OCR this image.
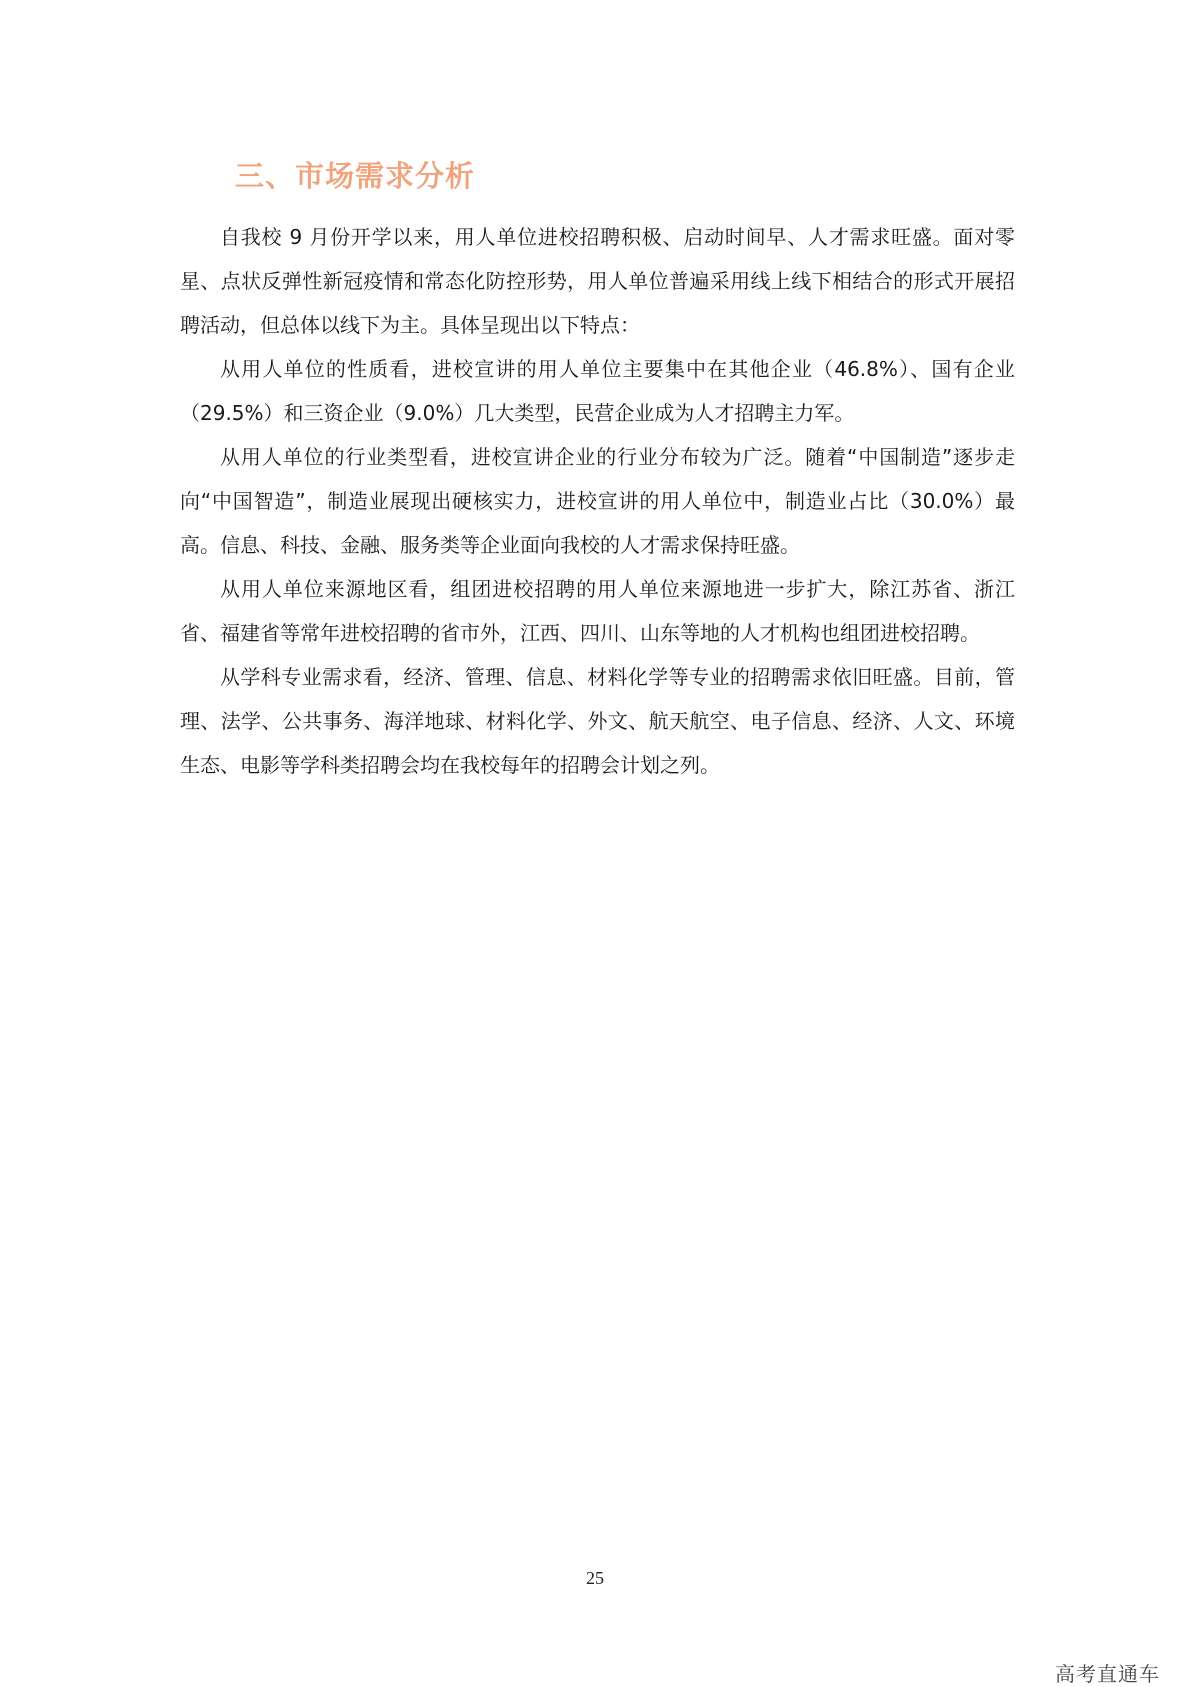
三、市场需求分析

自我校 9 月份开学以来，用人单位进校招聘积极、启动时间早、人才需求旺盛。面对零星、点状反弹性新冠疫情和常态化防控形势，用人单位普遍采用线上线下相结合的形式开展招聘活动，但总体以线下为主。具体呈现出以下特点：

从用人单位的性质看，进校宣讲的用人单位主要集中在其他企业（46.8%）、国有企业（29.5%）和三资企业（9.0%）几大类型，民营企业成为人才招聘主力军。

从用人单位的行业类型看，进校宣讲企业的行业分布较为广泛。随着“中国制造”逐步走向“中国智造”，制造业展现出硬核实力，进校宣讲的用人单位中，制造业占比（30.0%）最高。信息、科技、金融、服务类等企业面向我校的人才需求保持旺盛。

从用人单位来源地区看，组团进校招聘的用人单位来源地进一步扩大，除江苏省、浙江省、福建省等常年进校招聘的省市外，江西、四川、山东等地的人才机构也组团进校招聘。

从学科专业需求看，经济、管理、信息、材料化学等专业的招聘需求依旧旺盛。目前，管理、法学、公共事务、海洋地球、材料化学、外文、航天航空、电子信息、经济、人文、环境生态、电影等学科类招聘会均在我校每年的招聘会计划之列。

25
高考直通车
